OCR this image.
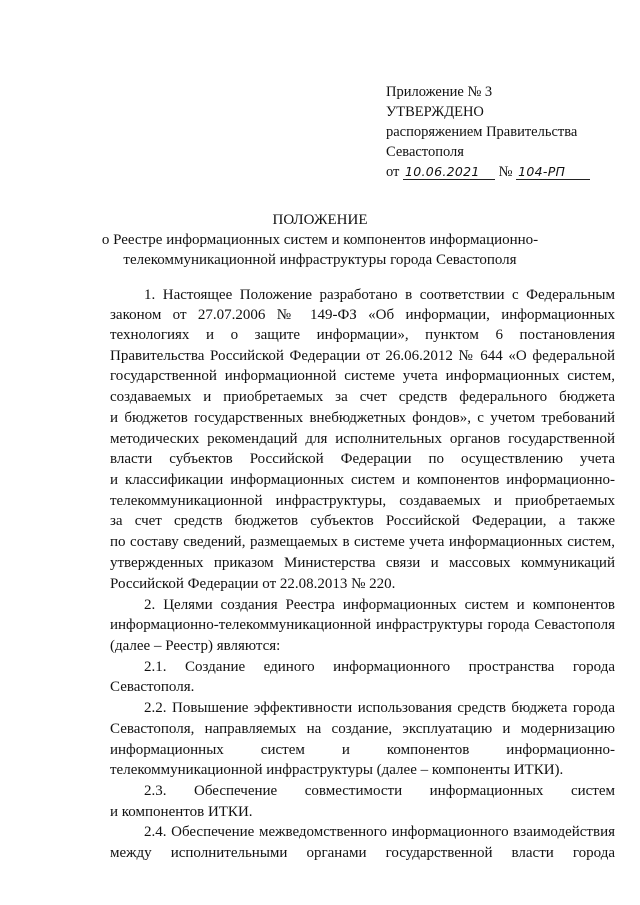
Приложение № 3
УТВЕРЖДЕНО
распоряжением Правительства
Севастополя
от 10.06.2021 № 104-РП
ПОЛОЖЕНИЕ
о Реестре информационных систем и компонентов информационно-
телекоммуникационной инфраструктуры города Севастополя
1. Настоящее Положение разработано в соответствии с Федеральным
законом от 27.07.2006 № 149-ФЗ «Об информации, информационных
технологиях и о защите информации», пунктом 6 постановления
Правительства Российской Федерации от 26.06.2012 № 644 «О федеральной
государственной информационной системе учета информационных систем,
создаваемых и приобретаемых за счет средств федерального бюджета
и бюджетов государственных внебюджетных фондов», с учетом требований
методических рекомендаций для исполнительных органов государственной
власти субъектов Российской Федерации по осуществлению учета
и классификации информационных систем и компонентов информационно-
телекоммуникационной инфраструктуры, создаваемых и приобретаемых
за счет средств бюджетов субъектов Российской Федерации, а также
по составу сведений, размещаемых в системе учета информационных систем,
утвержденных приказом Министерства связи и массовых коммуникаций
Российской Федерации от 22.08.2013 № 220.
2. Целями создания Реестра информационных систем и компонентов
информационно-телекоммуникационной инфраструктуры города Севастополя
(далее – Реестр) являются:
2.1. Создание единого информационного пространства города
Севастополя.
2.2. Повышение эффективности использования средств бюджета города
Севастополя, направляемых на создание, эксплуатацию и модернизацию
информационных систем и компонентов информационно-
телекоммуникационной инфраструктуры (далее – компоненты ИТКИ).
2.3. Обеспечение совместимости информационных систем
и компонентов ИТКИ.
2.4. Обеспечение межведомственного информационного взаимодействия
между исполнительными органами государственной власти города
